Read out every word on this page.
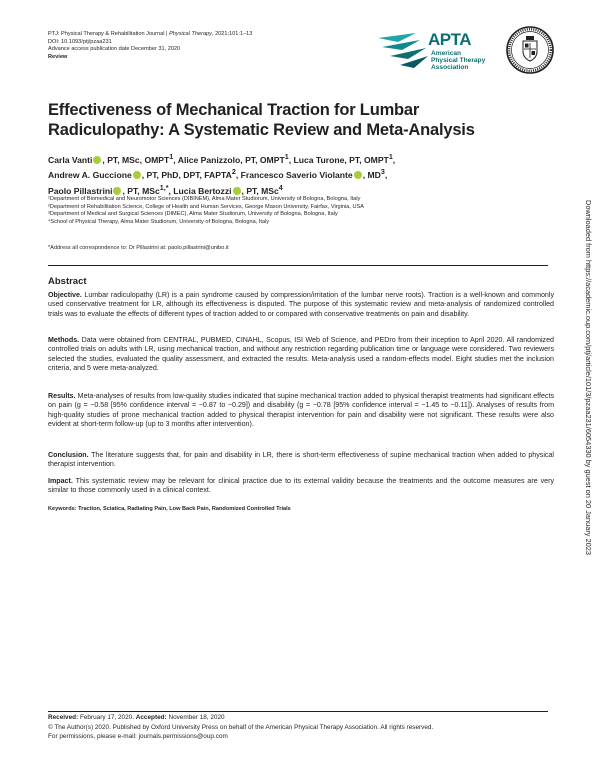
PTJ: Physical Therapy & Rehabilitation Journal | Physical Therapy, 2021;101:1–13
DOI: 10.1093/ptj/pzaa231
Advance access publication date December 31, 2020
Review
APTA
American
Physical Therapy
Association
Effectiveness of Mechanical Traction for Lumbar
Radiculopathy: A Systematic Review and Meta-Analysis
Carla Vanti , PT, MSc, OMPT$^1$, Alice Panizzolo, PT, OMPT$^1$, Luca Turone, PT, OMPT$^1$,
Andrew A. Guccione , PT, PhD, DPT, FAPTA$^2$, Francesco Saverio Violante , $MD^3$,
Paolo Pillastrini , PT, MSc$^{1,*}$, Lucia Bertozzi , PT, MSc$^4$
¹Department of Biomedical and Neuromotor Sciences (DIBINEM), Alma Mater Studiorum, University of Bologna, Bologna, Italy
²Department of Rehabilitation Science, College of Health and Human Services, George Mason University, Fairfax, Virginia, USA
³Department of Medical and Surgical Sciences (DIMEC), Alma Mater Studiorum, University of Bologna, Bologna, Italy
⁴School of Physical Therapy, Alma Mater Studiorum, University of Bologna, Bologna, Italy
*Address all correspondence to: Dr Pillastrini at: paolo.pillastrini@unibo.it
Abstract
Objective. Lumbar radiculopathy (LR) is a pain syndrome caused by compression/irritation of the lumbar nerve roots). Traction is a well-known and commonly used conservative treatment for LR, although its effectiveness is disputed. The purpose of this systematic review and meta-analysis of randomized controlled trials was to evaluate the effects of different types of traction added to or compared with conservative treatments on pain and disability.
Methods. Data were obtained from CENTRAL, PUBMED, CINAHL, Scopus, ISI Web of Science, and PEDro from their inception to April 2020. All randomized controlled trials on adults with LR, using mechanical traction, and without any restriction regarding publication time or language were considered. Two reviewers selected the studies, evaluated the quality assessment, and extracted the results. Meta-analysis used a random-effects model. Eight studies met the inclusion criteria, and 5 were meta-analyzed.
Results. Meta-analyses of results from low-quality studies indicated that supine mechanical traction added to physical therapist treatments had significant effects on pain (g = −0.58 [95% confidence interval = −0.87 to −0.29]) and disability (g = −0.78 [95% confidence interval = −1.45 to −0.11]). Analyses of results from high-quality studies of prone mechanical traction added to physical therapist intervention for pain and disability were not significant. These results were also evident at short-term follow-up (up to 3 months after intervention).
Conclusion. The literature suggests that, for pain and disability in LR, there is short-term effectiveness of supine mechanical traction when added to physical therapist intervention.
Impact. This systematic review may be relevant for clinical practice due to its external validity because the treatments and the outcome measures are very similar to those commonly used in a clinical context.
Keywords: Traction, Sciatica, Radiating Pain, Low Back Pain, Randomized Controlled Trials
Received: February 17, 2020. Accepted: November 18, 2020
© The Author(s) 2020. Published by Oxford University Press on behalf of the American Physical Therapy Association. All rights reserved.
For permissions, please e-mail: journals.permissions@oup.com
Downloaded from https://academic.oup.com/ptj/article/101/3/pzaa231/6054330 by guest on 20 January 2023
